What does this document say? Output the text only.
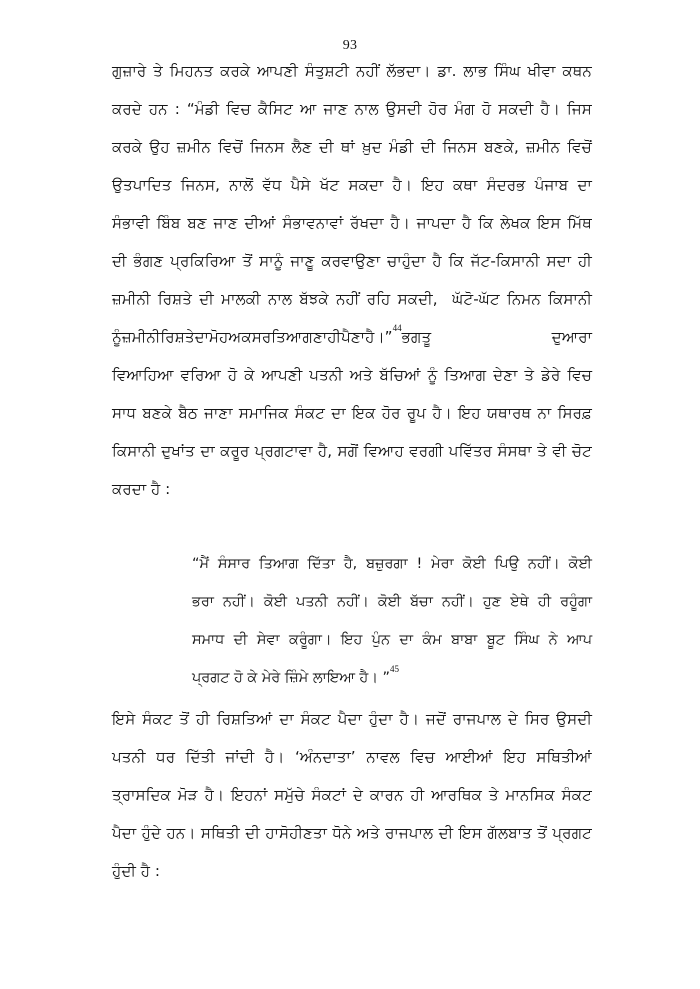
93
ਗੁਜ਼ਾਰੇ ਤੇ ਮਿਹਨਤ ਕਰਕੇ ਆਪਣੀ ਸੰਤੁਸ਼ਟੀ ਨਹੀਂ ਲੱਭਦਾ। ਡਾ. ਲਾਭ ਸਿੰਘ ਖੀਵਾ ਕਥਨ
ਕਰਦੇ ਹਨ : “ਮੰਡੀ ਵਿਚ ਕੈਸਿਟ ਆ ਜਾਣ ਨਾਲ ਉਸਦੀ ਹੋਰ ਮੰਗ ਹੋ ਸਕਦੀ ਹੈ। ਜਿਸ
ਕਰਕੇ ਉਹ ਜ਼ਮੀਨ ਵਿਚੋਂ ਜਿਨਸ ਲੈਣ ਦੀ ਥਾਂ ਖ਼ੁਦ ਮੰਡੀ ਦੀ ਜਿਨਸ ਬਣਕੇ, ਜ਼ਮੀਨ ਵਿਚੋਂ
ਉਤਪਾਦਿਤ ਜਿਨਸ, ਨਾਲੋਂ ਵੱਧ ਪੈਸੇ ਖੱਟ ਸਕਦਾ ਹੈ। ਇਹ ਕਥਾ ਸੰਦਰਭ ਪੰਜਾਬ ਦਾ
ਸੰਭਾਵੀ ਬਿੰਬ ਬਣ ਜਾਣ ਦੀਆਂ ਸੰਭਾਵਨਾਵਾਂ ਰੱਖਦਾ ਹੈ। ਜਾਪਦਾ ਹੈ ਕਿ ਲੇਖਕ ਇਸ ਮਿੱਥ
ਦੀ ਭੰਗਣ ਪ੍ਰਕਿਰਿਆ ਤੋਂ ਸਾਨੂੰ ਜਾਣੂ ਕਰਵਾਉਣਾ ਚਾਹੁੰਦਾ ਹੈ ਕਿ ਜੱਟ-ਕਿਸਾਨੀ ਸਦਾ ਹੀ
ਜ਼ਮੀਨੀ ਰਿਸ਼ਤੇ ਦੀ ਮਾਲਕੀ ਨਾਲ ਬੱਝਕੇ ਨਹੀਂ ਰਹਿ ਸਕਦੀ, ਘੱਟੋ-ਘੱਟ ਨਿਮਨ ਕਿਸਾਨੀ
ਨੂੰ ਜ਼ਮੀਨੀ ਰਿਸ਼ਤੇ ਦਾ ਮੋਹ ਅਕਸਰ ਤਿਆਗਣਾ ਹੀ ਪੈਣਾ ਹੈ।” 44 ਭਗਤੂ	ਦੁਆਰਾ
ਵਿਆਹਿਆ ਵਰਿਆ ਹੋ ਕੇ ਆਪਣੀ ਪਤਨੀ ਅਤੇ ਬੱਚਿਆਂ ਨੂੰ ਤਿਆਗ ਦੇਣਾ ਤੇ ਡੇਰੇ ਵਿਚ
ਸਾਧ ਬਣਕੇ ਬੈਠ ਜਾਣਾ ਸਮਾਜਿਕ ਸੰਕਟ ਦਾ ਇਕ ਹੋਰ ਰੂਪ ਹੈ। ਇਹ ਯਥਾਰਥ ਨਾ ਸਿਰਫ਼
ਕਿਸਾਨੀ ਦੁਖਾਂਤ ਦਾ ਕਰੂਰ ਪ੍ਰਗਟਾਵਾ ਹੈ, ਸਗੋਂ ਵਿਆਹ ਵਰਗੀ ਪਵਿੱਤਰ ਸੰਸਥਾ ਤੇ ਵੀ ਚੋਟ
ਕਰਦਾ ਹੈ :
“ਮੈਂ ਸੰਸਾਰ ਤਿਆਗ ਦਿੱਤਾ ਹੈ, ਬਜ਼ੁਰਗਾ ! ਮੇਰਾ ਕੋਈ ਪਿਉ ਨਹੀਂ। ਕੋਈ
ਭਰਾ ਨਹੀਂ। ਕੋਈ ਪਤਨੀ ਨਹੀਂ। ਕੋਈ ਬੱਚਾ ਨਹੀਂ। ਹੁਣ ਏਥੇ ਹੀ ਰਹੂੰਗਾ
ਸਮਾਧ ਦੀ ਸੇਵਾ ਕਰੂੰਗਾ। ਇਹ ਪੁੰਨ ਦਾ ਕੰਮ ਬਾਬਾ ਬੂਟ ਸਿੰਘ ਨੇ ਆਪ
ਪ੍ਰਗਟ ਹੋ ਕੇ ਮੇਰੇ ਜ਼ਿੰਮੇ ਲਾਇਆ ਹੈ। ”
45
ਇਸੇ ਸੰਕਟ ਤੋਂ ਹੀ ਰਿਸ਼ਤਿਆਂ ਦਾ ਸੰਕਟ ਪੈਦਾ ਹੁੰਦਾ ਹੈ। ਜਦੋਂ ਰਾਜਪਾਲ ਦੇ ਸਿਰ ਉਸਦੀ
ਪਤਨੀ ਧਰ ਦਿੱਤੀ ਜਾਂਦੀ ਹੈ। ‘ਅੰਨਦਾਤਾ’ ਨਾਵਲ ਵਿਚ ਆਈਆਂ ਇਹ ਸਥਿਤੀਆਂ
ਤ੍ਰਾਸਦਿਕ ਮੋੜ ਹੈ। ਇਹਨਾਂ ਸਮੁੱਚੇ ਸੰਕਟਾਂ ਦੇ ਕਾਰਨ ਹੀ ਆਰਥਿਕ ਤੇ ਮਾਨਸਿਕ ਸੰਕਟ
ਪੈਦਾ ਹੁੰਦੇ ਹਨ। ਸਥਿਤੀ ਦੀ ਹਾਸੋਹੀਣਤਾ ਧੋਨੇ ਅਤੇ ਰਾਜਪਾਲ ਦੀ ਇਸ ਗੱਲਬਾਤ ਤੋਂ ਪ੍ਰਗਟ
ਹੁੰਦੀ ਹੈ :
